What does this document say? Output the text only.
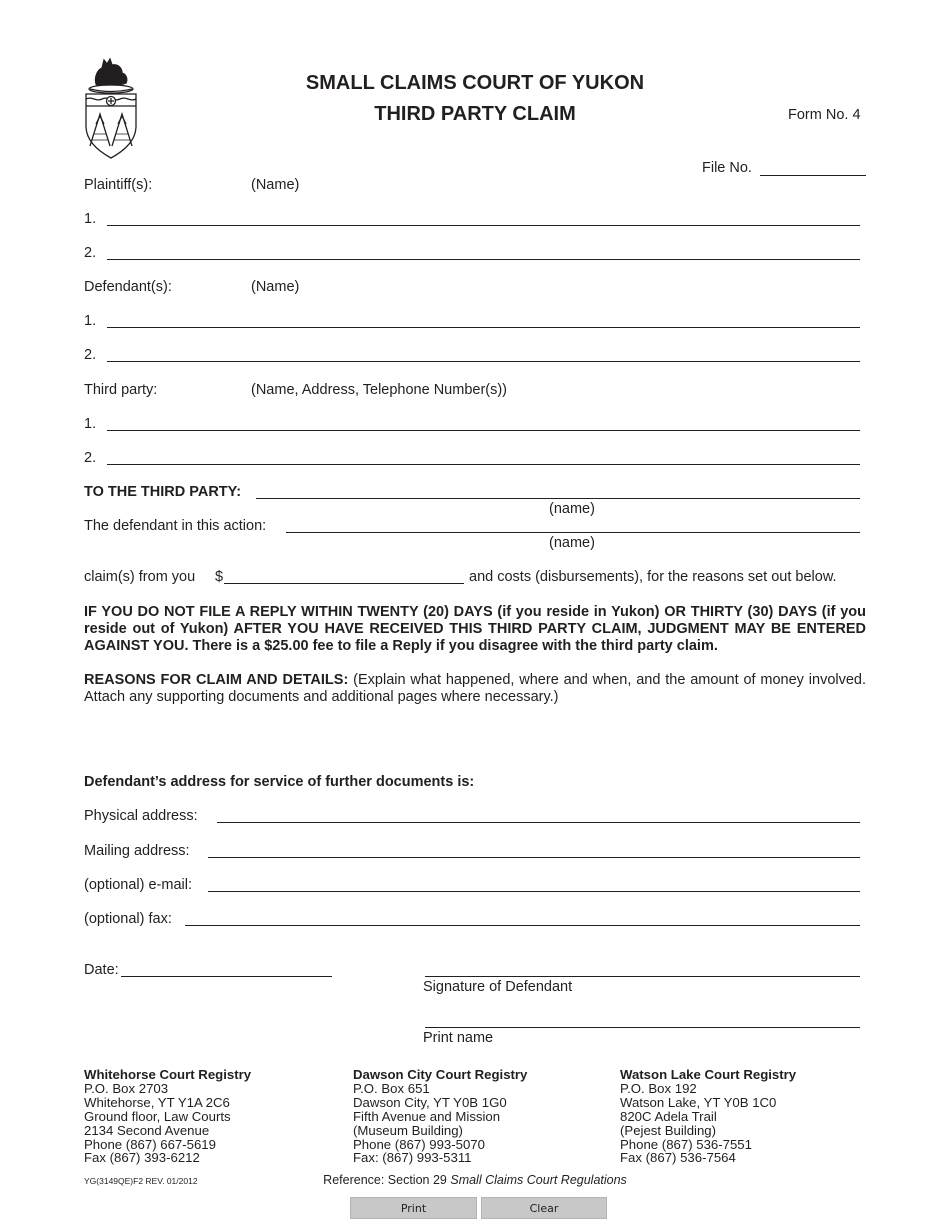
SMALL CLAIMS COURT OF YUKON
THIRD PARTY CLAIM	Form No. 4
File No.
Plaintiff(s):	(Name)
1.
2.
Defendant(s):	(Name)
1.
2.
Third party:	(Name, Address, Telephone Number(s))
1.
2.
TO THE THIRD PARTY:
(name)
The defendant in this action:
(name)
claim(s) from you $	and costs (disbursements), for the reasons set out below.
IF YOU DO NOT FILE A REPLY WITHIN TWENTY (20) DAYS (if you reside in Yukon) OR THIRTY (30) DAYS (if you reside out of Yukon) AFTER YOU HAVE RECEIVED THIS THIRD PARTY CLAIM, JUDGMENT MAY BE ENTERED AGAINST YOU. There is a $25.00 fee to file a Reply if you disagree with the third party claim.
REASONS FOR CLAIM AND DETAILS: (Explain what happened, where and when, and the amount of money involved. Attach any supporting documents and additional pages where necessary.)
Defendant’s address for service of further documents is:
Physical address:
Mailing address:
(optional) e-mail:
(optional) fax:
Date:
Signature of Defendant
Print name
Whitehorse Court Registry
P.O. Box 2703
Whitehorse, YT Y1A 2C6
Ground floor, Law Courts
2134 Second Avenue
Phone (867) 667-5619
Fax (867) 393-6212
Dawson City Court Registry
P.O. Box 651
Dawson City, YT Y0B 1G0
Fifth Avenue and Mission
(Museum Building)
Phone (867) 993-5070
Fax: (867) 993-5311
Watson Lake Court Registry
P.O. Box 192
Watson Lake, YT Y0B 1C0
820C Adela Trail
(Pejest Building)
Phone (867) 536-7551
Fax (867) 536-7564
YG(3149QE)F2 REV. 01/2012	Reference: Section 29 Small Claims Court Regulations
Print	Clear
